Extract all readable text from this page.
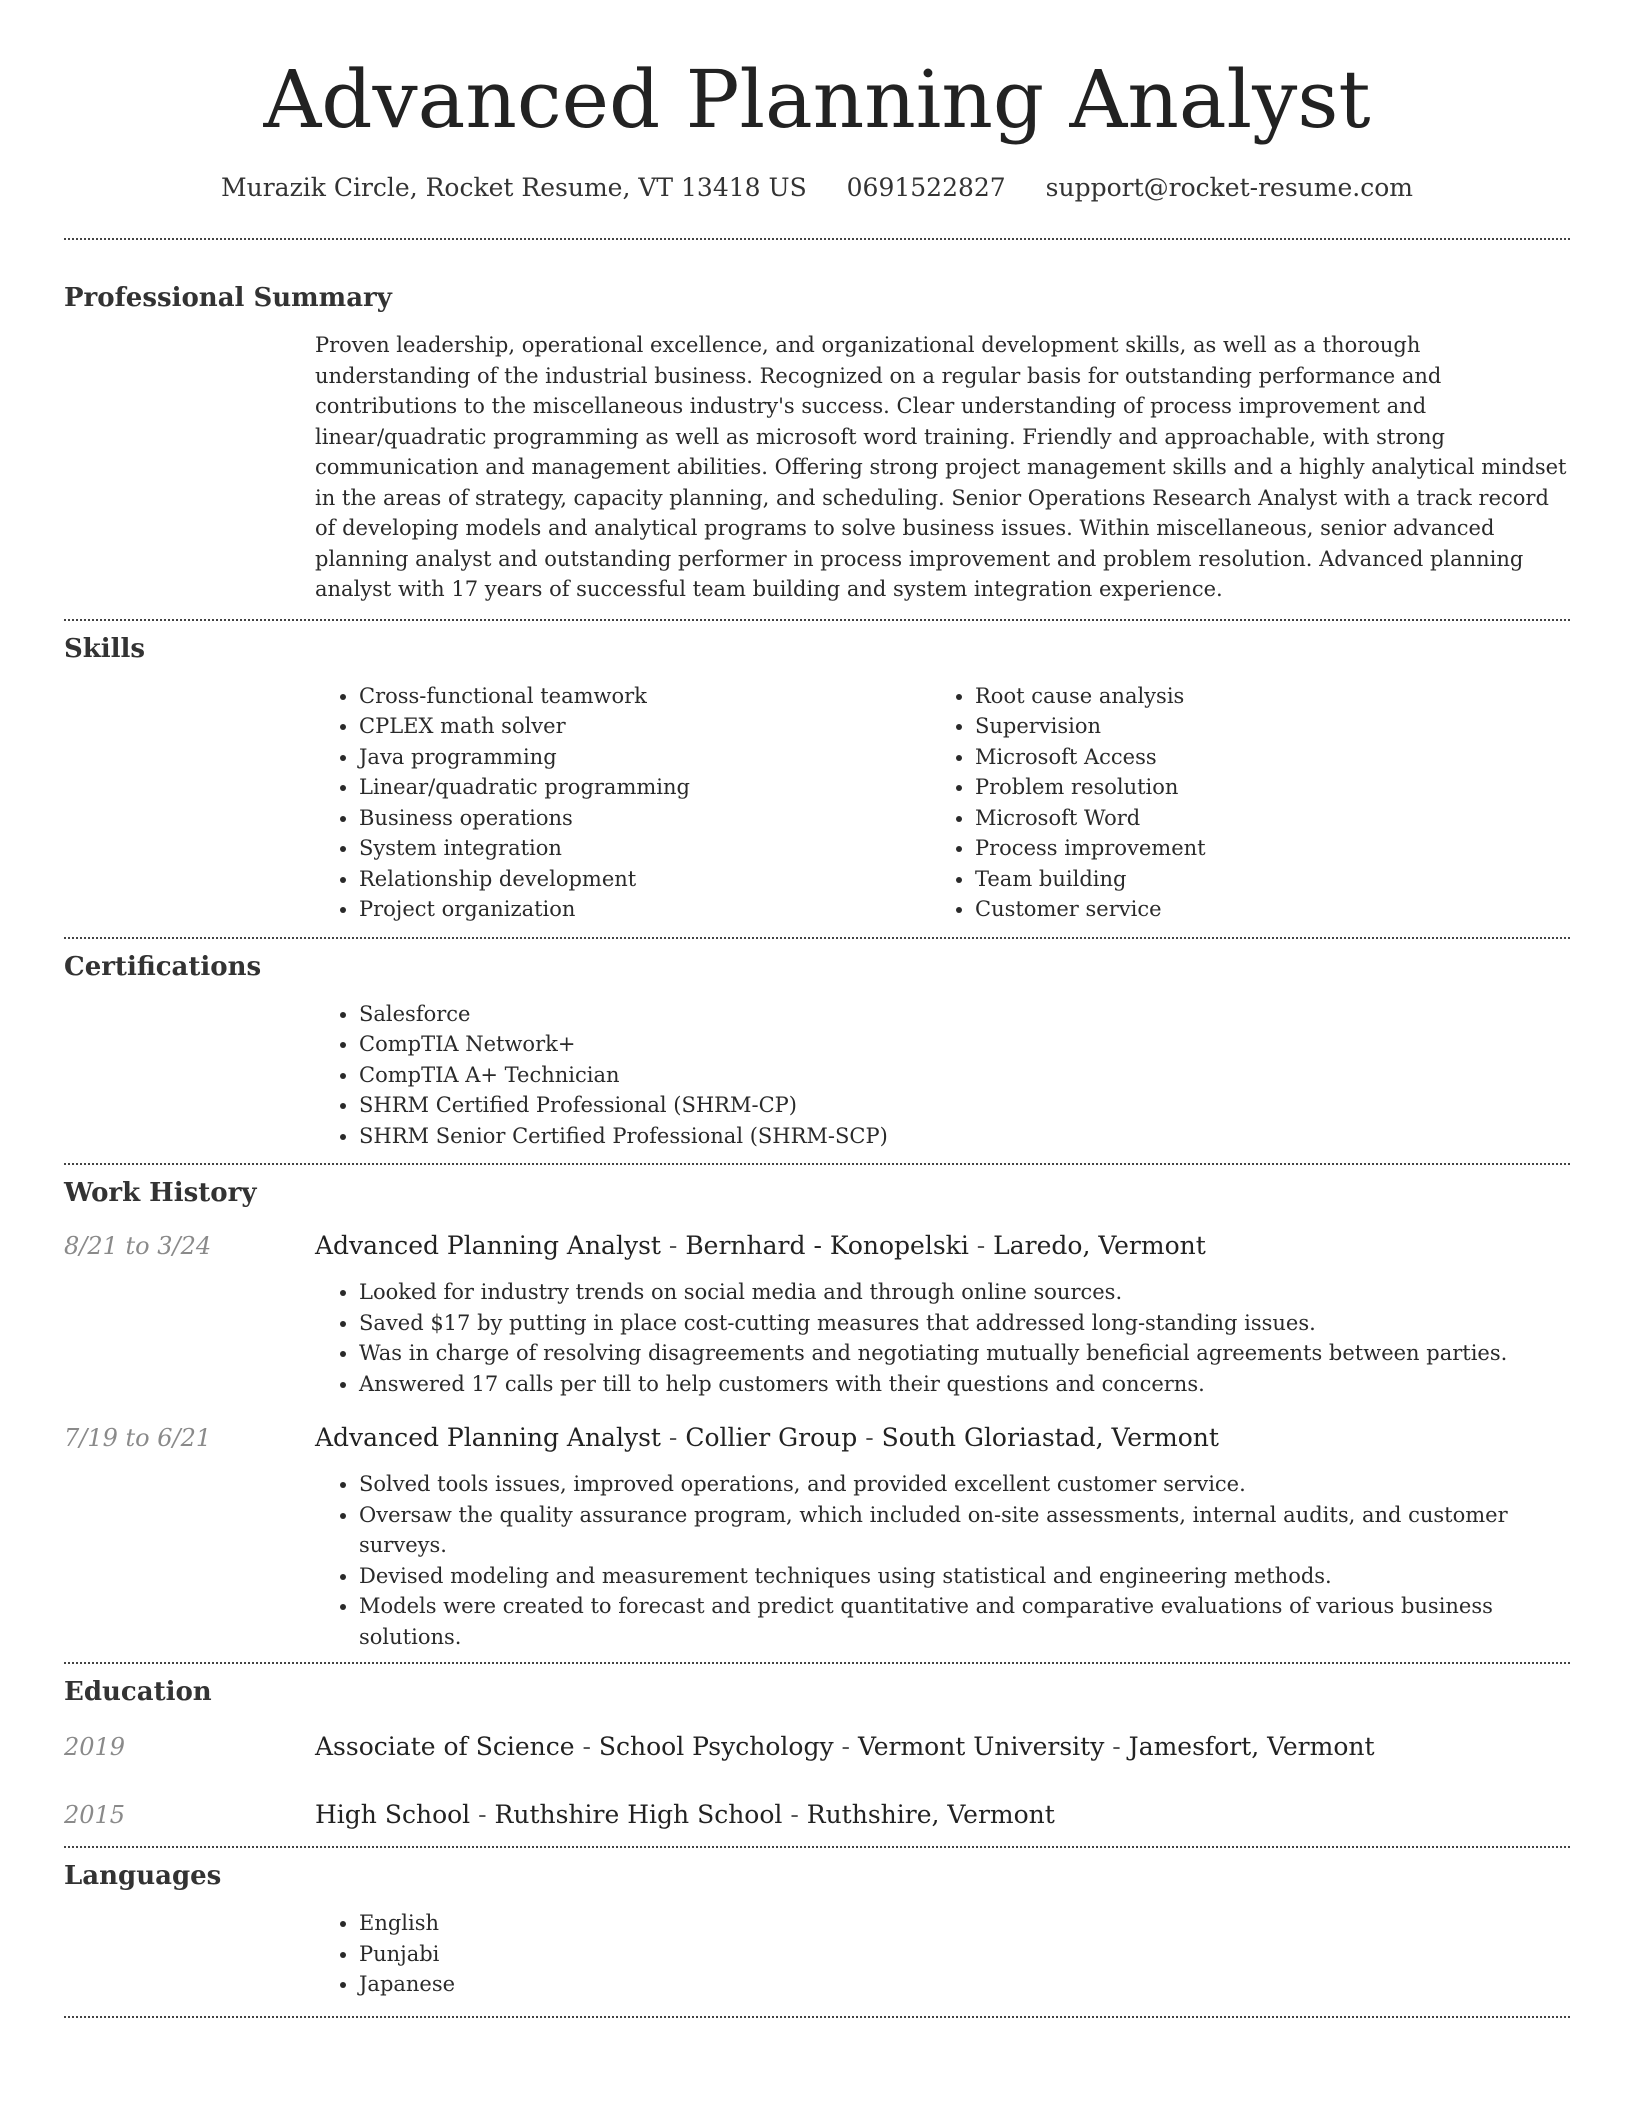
Advanced Planning Analyst
Murazik Circle, Rocket Resume, VT 13418 US 0691522827 support@rocket-resume.com
Professional Summary
Proven leadership, operational excellence, and organizational development skills, as well as a thorough understanding of the industrial business. Recognized on a regular basis for outstanding performance and contributions to the miscellaneous industry's success. Clear understanding of process improvement and linear/quadratic programming as well as microsoft word training. Friendly and approachable, with strong communication and management abilities. Offering strong project management skills and a highly analytical mindset in the areas of strategy, capacity planning, and scheduling. Senior Operations Research Analyst with a track record of developing models and analytical programs to solve business issues. Within miscellaneous, senior advanced planning analyst and outstanding performer in process improvement and problem resolution. Advanced planning analyst with 17 years of successful team building and system integration experience.
Skills
• Cross-functional teamwork
• CPLEX math solver
• Java programming
• Linear/quadratic programming
• Business operations
• System integration
• Relationship development
• Project organization
• Root cause analysis
• Supervision
• Microsoft Access
• Problem resolution
• Microsoft Word
• Process improvement
• Team building
• Customer service
Certifications
• Salesforce
• CompTIA Network+
• CompTIA A+ Technician
• SHRM Certified Professional (SHRM-CP)
• SHRM Senior Certified Professional (SHRM-SCP)
Work History
8/21 to 3/24	Advanced Planning Analyst - Bernhard - Konopelski - Laredo, Vermont
• Looked for industry trends on social media and through online sources.
• Saved $17 by putting in place cost-cutting measures that addressed long-standing issues.
• Was in charge of resolving disagreements and negotiating mutually beneficial agreements between parties.
• Answered 17 calls per till to help customers with their questions and concerns.
7/19 to 6/21	Advanced Planning Analyst - Collier Group - South Gloriastad, Vermont
• Solved tools issues, improved operations, and provided excellent customer service.
• Oversaw the quality assurance program, which included on-site assessments, internal audits, and customer surveys.
• Devised modeling and measurement techniques using statistical and engineering methods.
• Models were created to forecast and predict quantitative and comparative evaluations of various business solutions.
Education
2019	Associate of Science - School Psychology - Vermont University - Jamesfort, Vermont
2015	High School - Ruthshire High School - Ruthshire, Vermont
Languages
• English
• Punjabi
• Japanese
